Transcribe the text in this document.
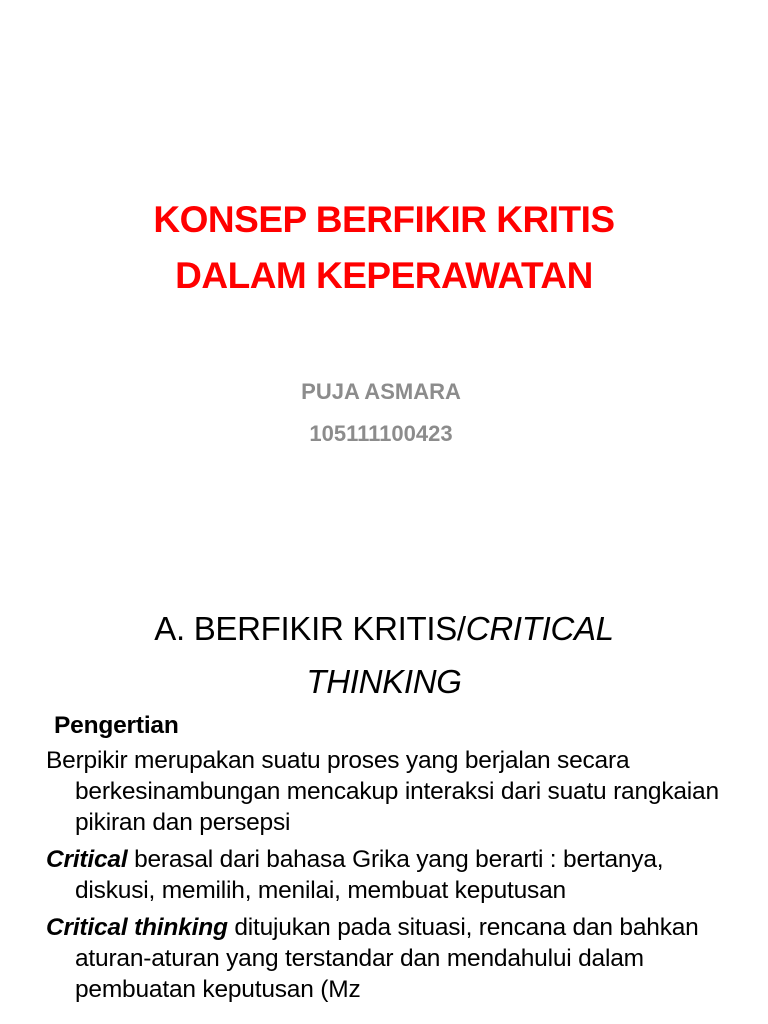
KONSEP BERFIKIR KRITIS
DALAM KEPERAWATAN
PUJA ASMARA
105111100423
A. BERFIKIR KRITIS/CRITICAL
THINKING
Pengertian
Berpikir merupakan suatu proses yang berjalan secara berkesinambungan mencakup interaksi dari suatu rangkaian pikiran dan persepsi
Critical berasal dari bahasa Grika yang berarti : bertanya, diskusi, memilih, menilai, membuat keputusan
Critical thinking ditujukan pada situasi, rencana dan bahkan aturan-aturan yang terstandar dan mendahului dalam pembuatan keputusan (Mz
